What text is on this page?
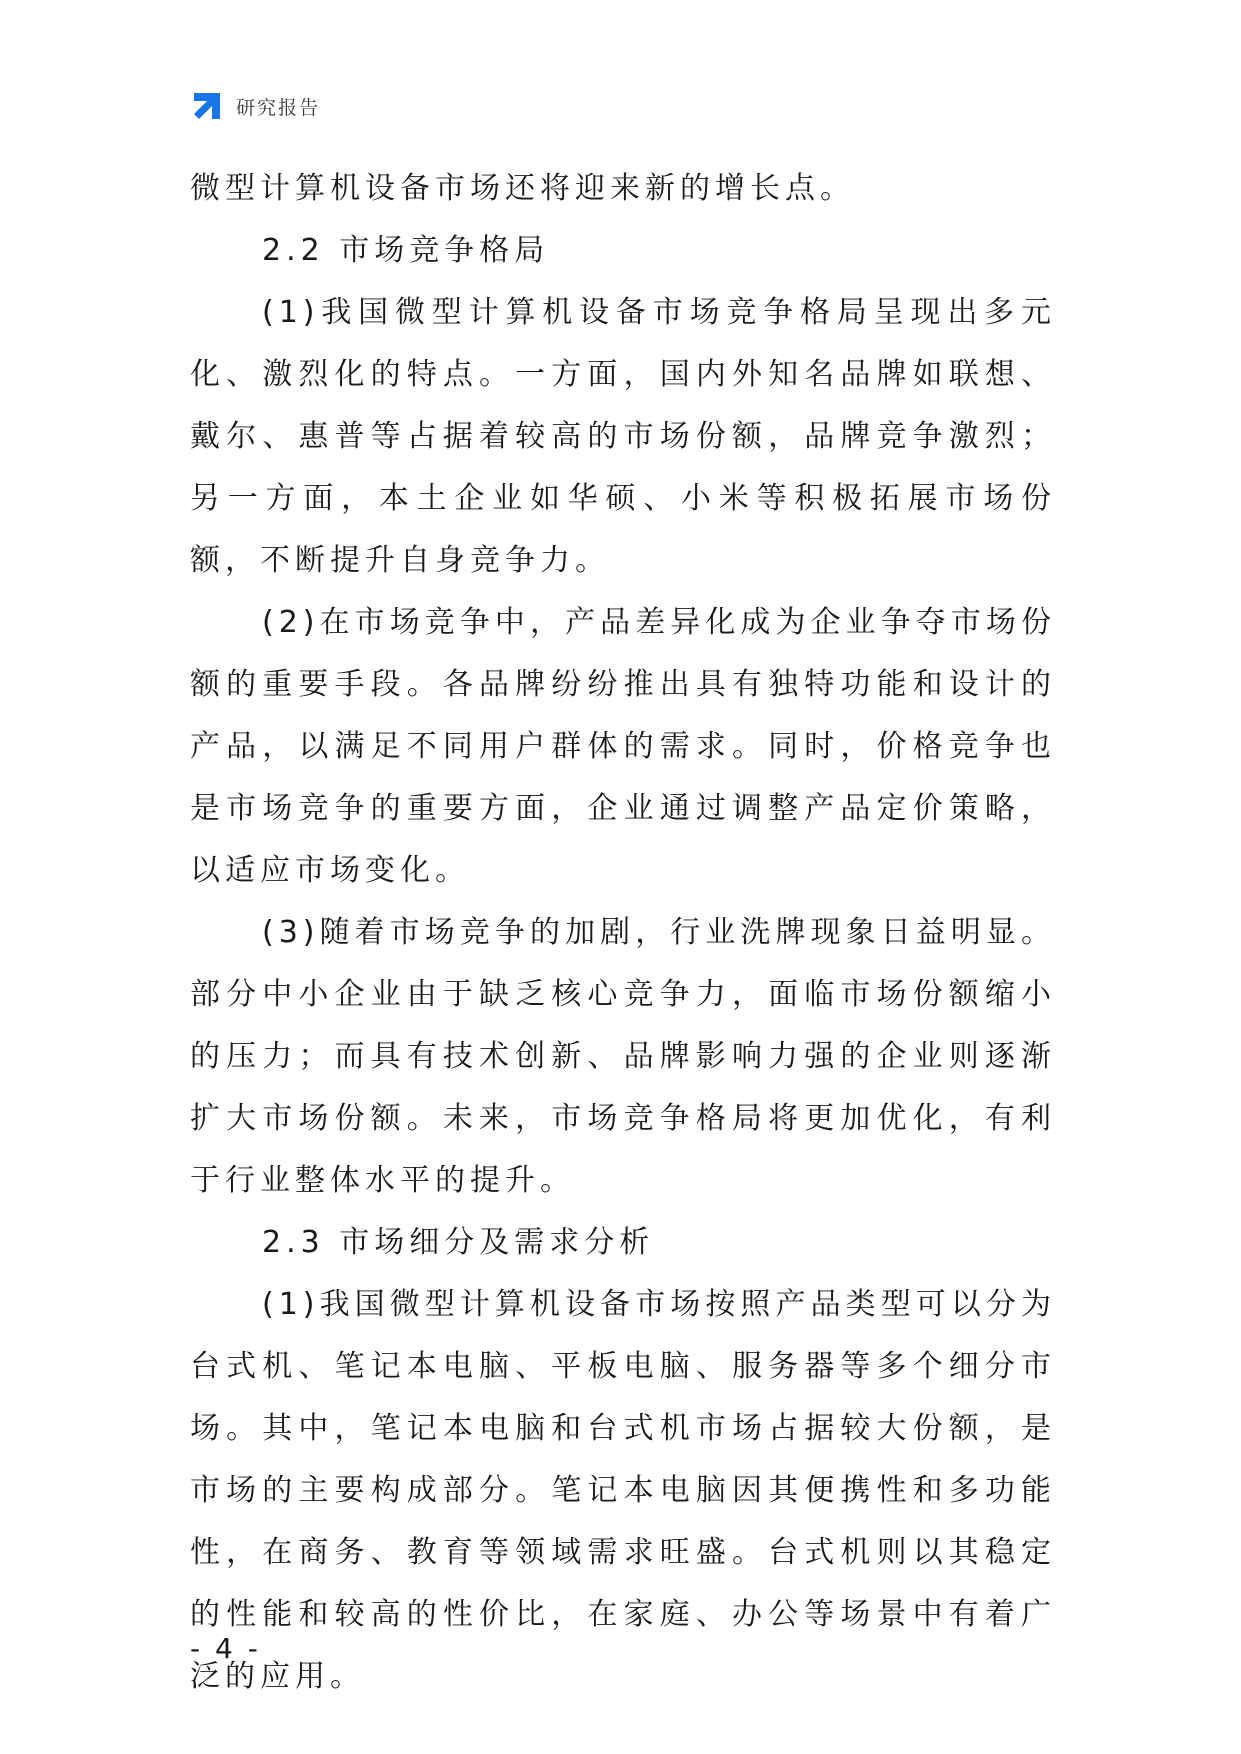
研究报告

微型计算机设备市场还将迎来新的增长点。

2.2 市场竞争格局

(1)我国微型计算机设备市场竞争格局呈现出多元化、激烈化的特点。一方面，国内外知名品牌如联想、戴尔、惠普等占据着较高的市场份额，品牌竞争激烈；另一方面，本土企业如华硕、小米等积极拓展市场份额，不断提升自身竞争力。

(2)在市场竞争中，产品差异化成为企业争夺市场份额的重要手段。各品牌纷纷推出具有独特功能和设计的产品，以满足不同用户群体的需求。同时，价格竞争也是市场竞争的重要方面，企业通过调整产品定价策略，以适应市场变化。

(3)随着市场竞争的加剧，行业洗牌现象日益明显。部分中小企业由于缺乏核心竞争力，面临市场份额缩小的压力；而具有技术创新、品牌影响力强的企业则逐渐扩大市场份额。未来，市场竞争格局将更加优化，有利于行业整体水平的提升。

2.3 市场细分及需求分析

(1)我国微型计算机设备市场按照产品类型可以分为台式机、笔记本电脑、平板电脑、服务器等多个细分市场。其中，笔记本电脑和台式机市场占据较大份额，是市场的主要构成部分。笔记本电脑因其便携性和多功能性，在商务、教育等领域需求旺盛。台式机则以其稳定的性能和较高的性价比，在家庭、办公等场景中有着广泛的应用。

- 4 -
